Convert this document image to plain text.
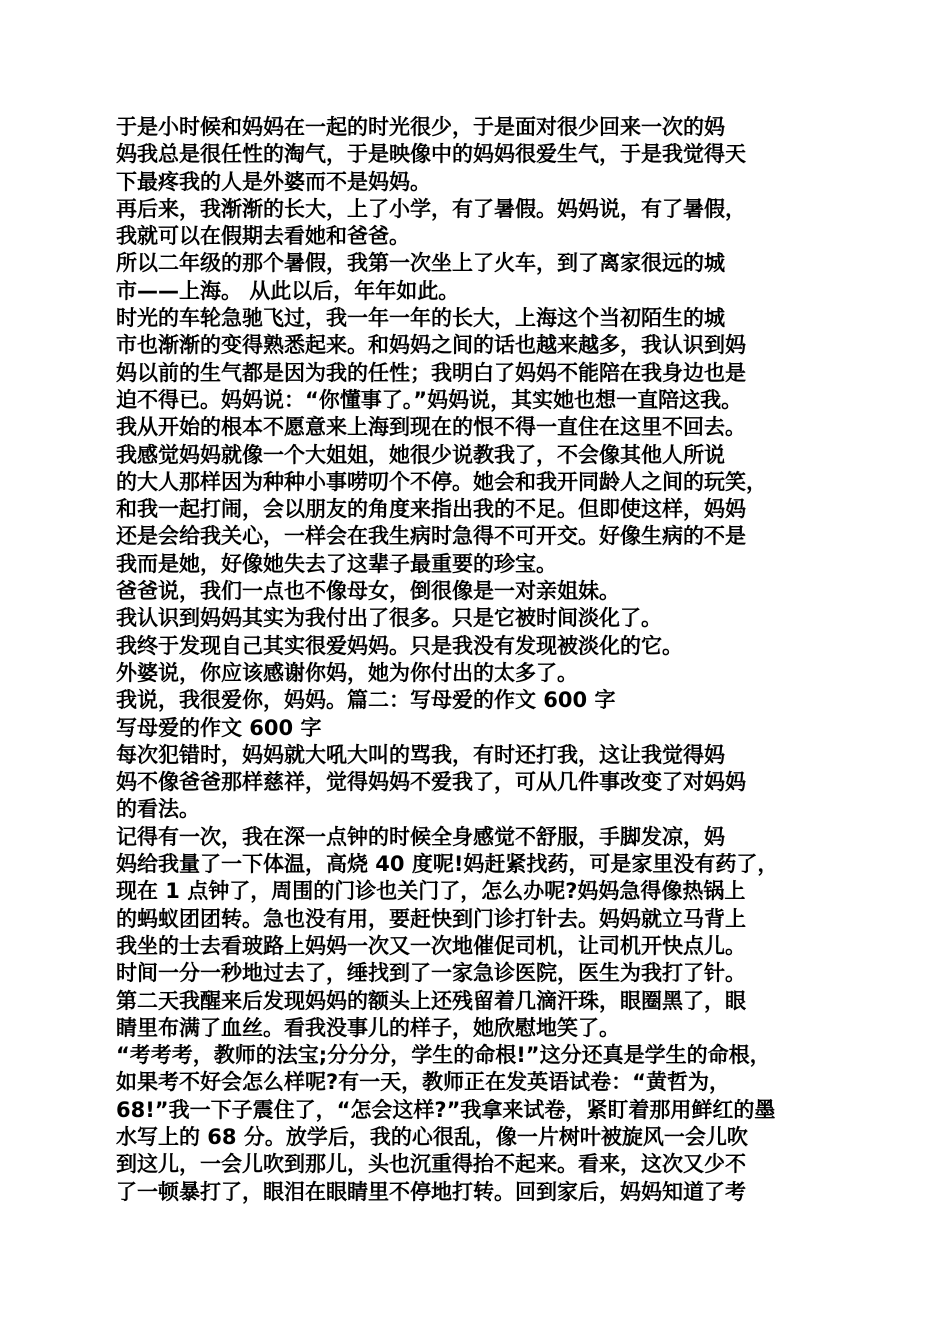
于是小时候和妈妈在一起的时光很少，于是面对很少回来一次的妈
妈我总是很任性的淘气，于是映像中的妈妈很爱生气，于是我觉得天
下最疼我的人是外婆而不是妈妈。
再后来，我渐渐的长大，上了小学，有了暑假。妈妈说，有了暑假，
我就可以在假期去看她和爸爸。
所以二年级的那个暑假，我第一次坐上了火车，到了离家很远的城
市——上海。 从此以后，年年如此。
时光的车轮急驰飞过，我一年一年的长大，上海这个当初陌生的城
市也渐渐的变得熟悉起来。和妈妈之间的话也越来越多，我认识到妈
妈以前的生气都是因为我的任性；我明白了妈妈不能陪在我身边也是
迫不得已。妈妈说：“你懂事了。”妈妈说，其实她也想一直陪这我。
我从开始的根本不愿意来上海到现在的恨不得一直住在这里不回去。
我感觉妈妈就像一个大姐姐，她很少说教我了，不会像其他人所说
的大人那样因为种种小事唠叨个不停。她会和我开同龄人之间的玩笑，
和我一起打闹，会以朋友的角度来指出我的不足。但即使这样，妈妈
还是会给我关心，一样会在我生病时急得不可开交。好像生病的不是
我而是她，好像她失去了这辈子最重要的珍宝。
爸爸说，我们一点也不像母女，倒很像是一对亲姐妹。
我认识到妈妈其实为我付出了很多。只是它被时间淡化了。
我终于发现自己其实很爱妈妈。只是我没有发现被淡化的它。
外婆说，你应该感谢你妈，她为你付出的太多了。
我说，我很爱你，妈妈。篇二：写母爱的作文 600 字
写母爱的作文 600 字
每次犯错时，妈妈就大吼大叫的骂我，有时还打我，这让我觉得妈
妈不像爸爸那样慈祥，觉得妈妈不爱我了，可从几件事改变了对妈妈
的看法。
记得有一次，我在深一点钟的时候全身感觉不舒服，手脚发凉，妈
妈给我量了一下体温，高烧 40 度呢!妈赶紧找药，可是家里没有药了，
现在 1 点钟了，周围的门诊也关门了，怎么办呢?妈妈急得像热锅上
的蚂蚁团团转。急也没有用，要赶快到门诊打针去。妈妈就立马背上
我坐的士去看玻路上妈妈一次又一次地催促司机，让司机开快点儿。
时间一分一秒地过去了，缍找到了一家急诊医院，医生为我打了针。
第二天我醒来后发现妈妈的额头上还残留着几滴汗珠，眼圈黑了，眼
睛里布满了血丝。看我没事儿的样子，她欣慰地笑了。
“考考考，教师的法宝;分分分，学生的命根!”这分还真是学生的命根，
如果考不好会怎么样呢?有一天，教师正在发英语试卷：“黄哲为，
68!”我一下子震住了，“怎会这样?”我拿来试卷，紧盯着那用鲜红的墨
水写上的 68 分。放学后，我的心很乱，像一片树叶被旋风一会儿吹
到这儿，一会儿吹到那儿，头也沉重得抬不起来。看来，这次又少不
了一顿暴打了，眼泪在眼睛里不停地打转。回到家后，妈妈知道了考
